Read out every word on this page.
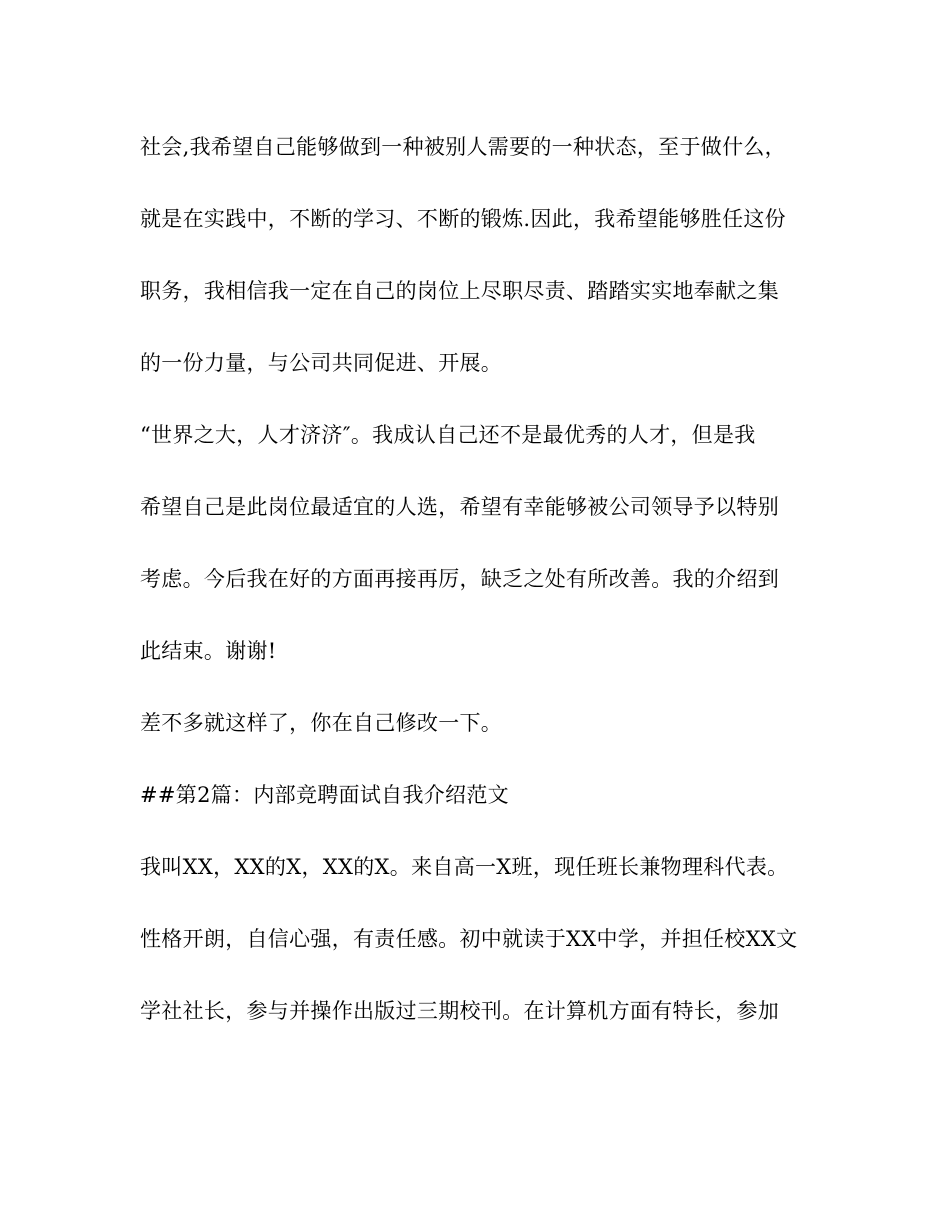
社会,我希望自己能够做到一种被别人需要的一种状态，至于做什么，

就是在实践中，不断的学习、不断的锻炼.因此，我希望能够胜任这份

职务，我相信我一定在自己的岗位上尽职尽责、踏踏实实地奉献之集

的一份力量，与公司共同促进、开展。

“世界之大，人才济济″。我成认自己还不是最优秀的人才，但是我

希望自己是此岗位最适宜的人选，希望有幸能够被公司领导予以特别

考虑。今后我在好的方面再接再厉，缺乏之处有所改善。我的介绍到

此结束。谢谢!

差不多就这样了，你在自己修改一下。

##第2篇：内部竞聘面试自我介绍范文

我叫XX，XX的X，XX的X。来自高一X班，现任班长兼物理科代表。

性格开朗，自信心强，有责任感。初中就读于XX中学，并担任校XX文

学社社长，参与并操作出版过三期校刊。在计算机方面有特长，参加
